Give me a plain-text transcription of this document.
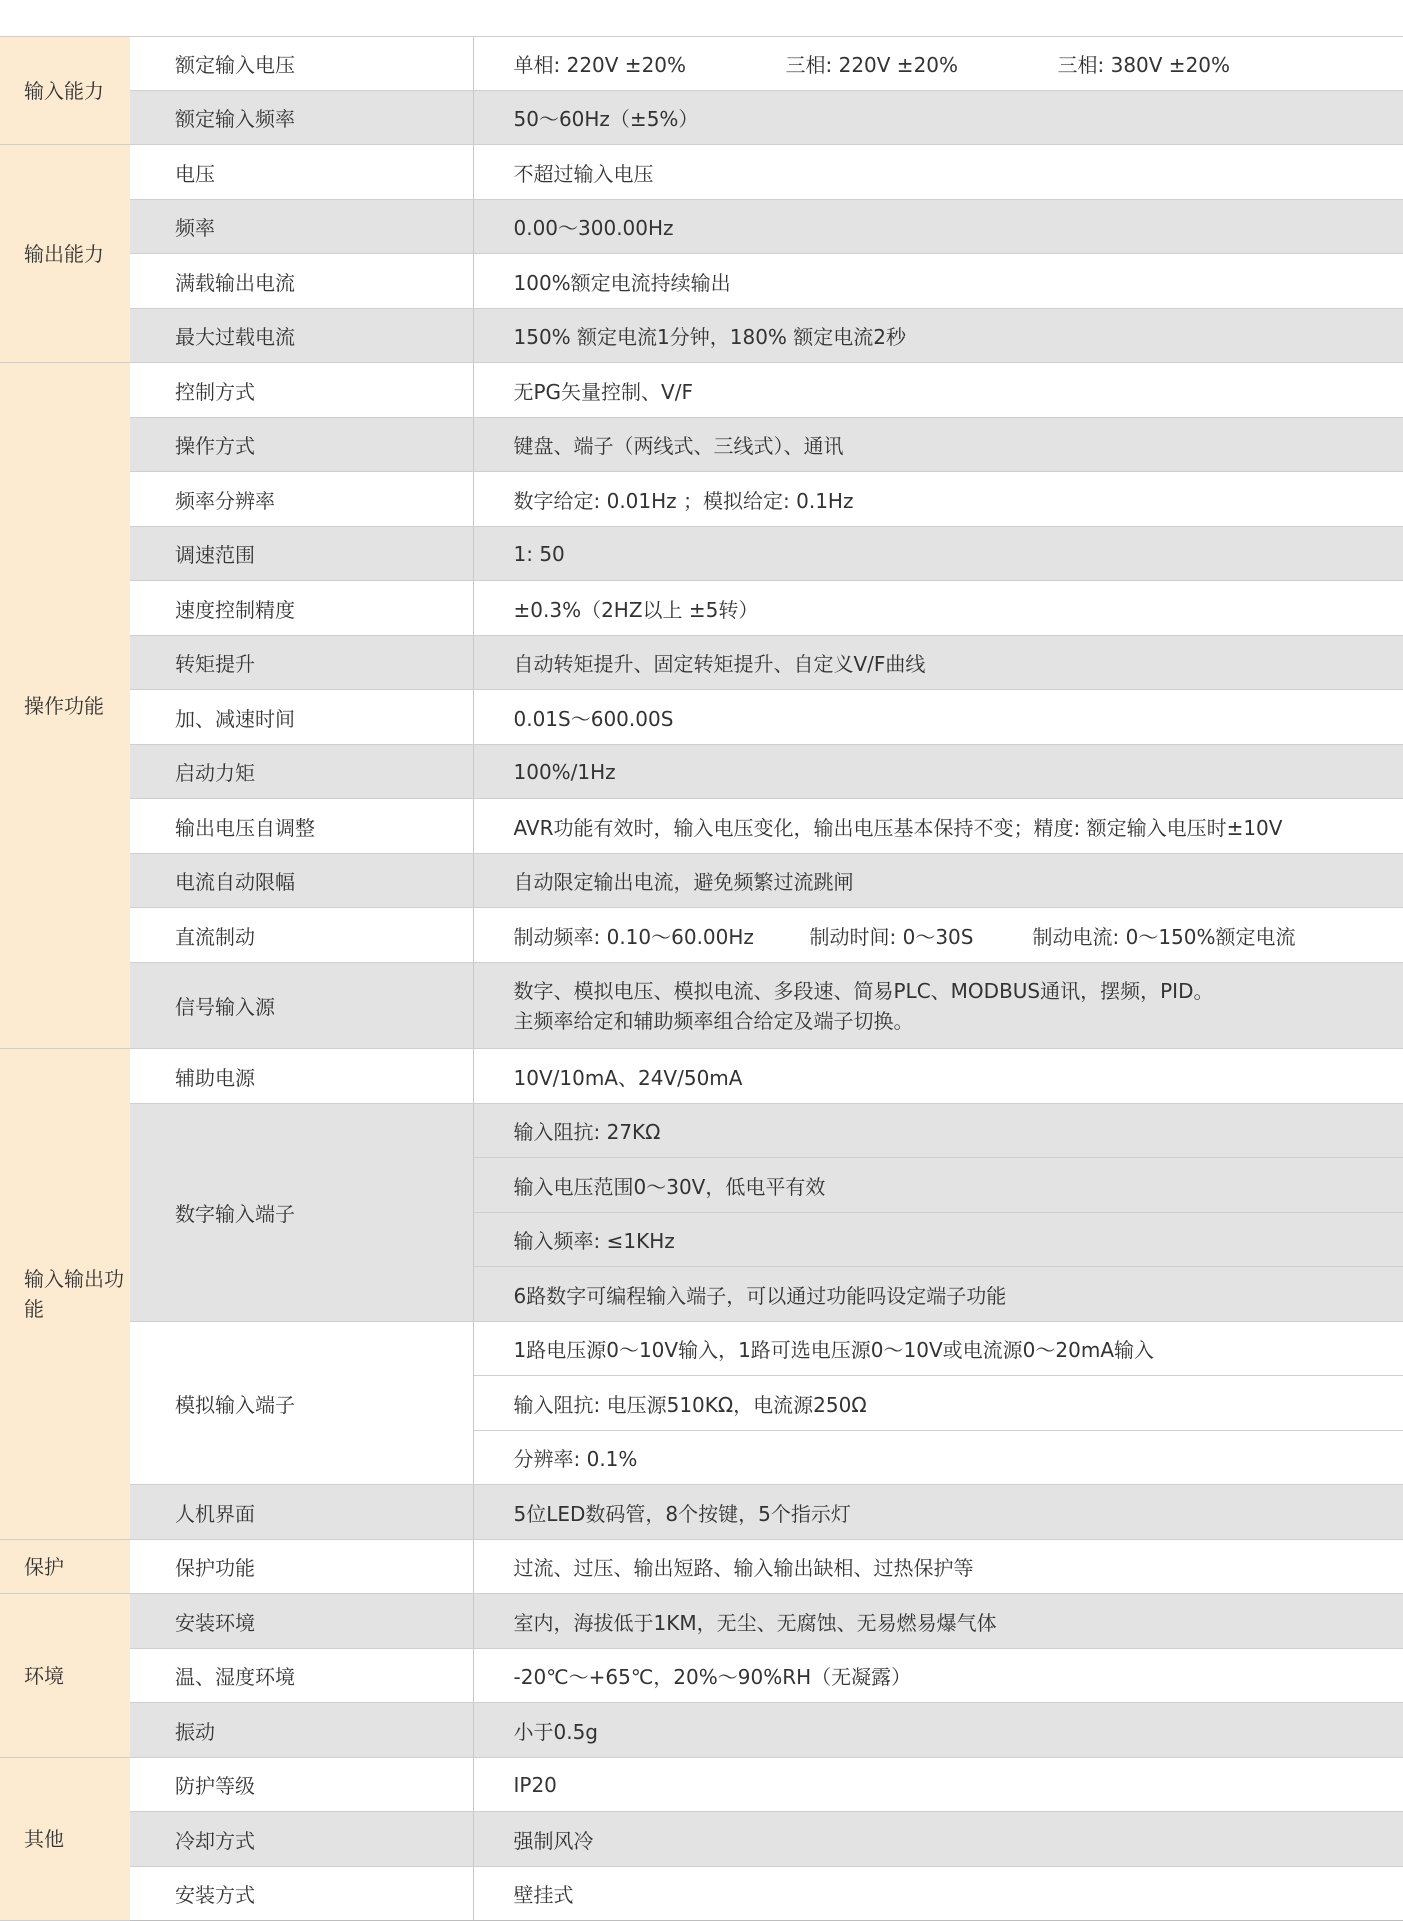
输入能力	额定输入电压	单相: 220V ±20% 三相: 220V ±20% 三相: 380V ±20%
	额定输入频率	50～60Hz（±5%）
输出能力	电压	不超过输入电压
	频率	0.00～300.00Hz
	满载输出电流	100%额定电流持续输出
	最大过载电流	150% 额定电流1分钟，180% 额定电流2秒
操作功能	控制方式	无PG矢量控制、V/F
	操作方式	键盘、端子（两线式、三线式）、通讯
	频率分辨率	数字给定: 0.01Hz ；模拟给定: 0.1Hz
	调速范围	1: 50
	速度控制精度	±0.3%（2HZ以上 ±5转）
	转矩提升	自动转矩提升、固定转矩提升、自定义V/F曲线
	加、减速时间	0.01S～600.00S
	启动力矩	100%/1Hz
	输出电压自调整	AVR功能有效时，输入电压变化，输出电压基本保持不变；精度: 额定输入电压时±10V
	电流自动限幅	自动限定输出电流，避免频繁过流跳闸
	直流制动	制动频率: 0.10～60.00Hz 制动时间: 0～30S 制动电流: 0～150%额定电流
	信号输入源	数字、模拟电压、模拟电流、多段速、简易PLC、MODBUS通讯，摆频，PID。
主频率给定和辅助频率组合给定及端子切换。

输入输出功能	辅助电源	10V/10mA、24V/50mA
	数字输入端子	输入阻抗: 27KΩ
		输入电压范围0～30V，低电平有效
		输入频率: ≤1KHz
		6路数字可编程输入端子，可以通过功能吗设定端子功能
	模拟输入端子	1路电压源0～10V输入，1路可选电压源0～10V或电流源0～20mA输入
		输入阻抗: 电压源510KΩ，电流源250Ω
		分辨率: 0.1%
	人机界面	5位LED数码管，8个按键，5个指示灯
保护	保护功能	过流、过压、输出短路、输入输出缺相、过热保护等
环境	安装环境	室内，海拔低于1KM，无尘、无腐蚀、无易燃易爆气体
	温、湿度环境	-20℃～+65℃，20%～90%RH（无凝露）
	振动	小于0.5g
其他	防护等级	IP20
	冷却方式	强制风冷
	安装方式	壁挂式
